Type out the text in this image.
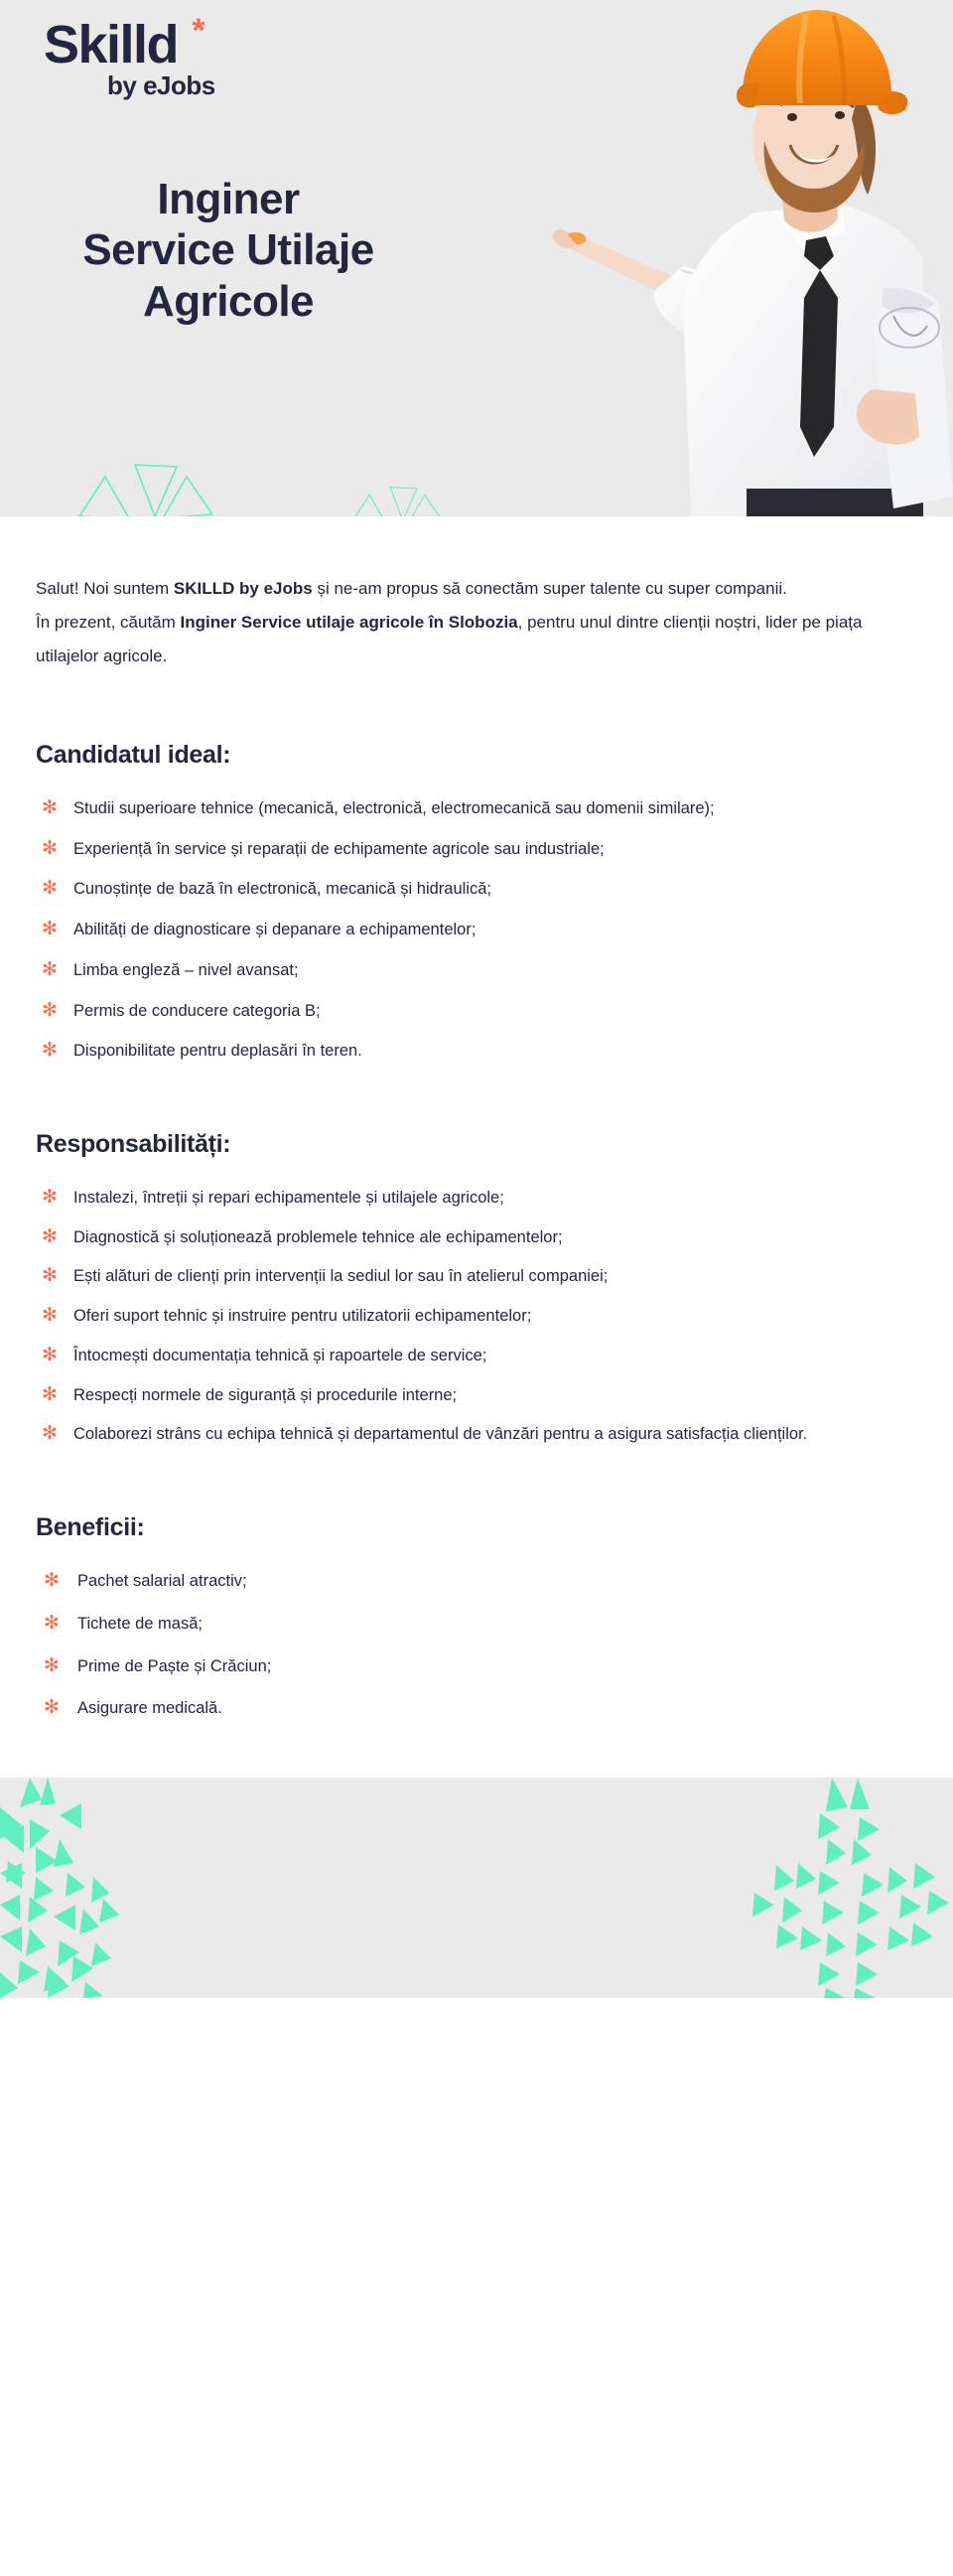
Skilld *
by eJobs
Inginer
Service Utilaje
Agricole

Salut! Noi suntem SKILLD by eJobs și ne-am propus să conectăm super talente cu super companii.

În prezent, căutăm Inginer Service utilaje agricole în Slobozia, pentru unul dintre clienții noștri, lider pe piața utilajelor agricole.

Candidatul ideal:
✻ Studii superioare tehnice (mecanică, electronică, electromecanică sau domenii similare);
✻ Experiență în service și reparații de echipamente agricole sau industriale;
✻ Cunoștințe de bază în electronică, mecanică și hidraulică;
✻ Abilități de diagnosticare și depanare a echipamentelor;
✻ Limba engleză – nivel avansat;
✻ Permis de conducere categoria B;
✻ Disponibilitate pentru deplasări în teren.
Responsabilități:
✻ Instalezi, întreții și repari echipamentele și utilajele agricole;
✻ Diagnostică și soluționează problemele tehnice ale echipamentelor;
✻ Ești alături de clienți prin intervenții la sediul lor sau în atelierul companiei;
✻ Oferi suport tehnic și instruire pentru utilizatorii echipamentelor;
✻ Întocmești documentația tehnică și rapoartele de service;
✻ Respecți normele de siguranță și procedurile interne;
✻ Colaborezi strâns cu echipa tehnică și departamentul de vânzări pentru a asigura satisfacția clienților.
Beneficii:
✻ Pachet salarial atractiv;
✻ Tichete de masă;
✻ Prime de Paște și Crăciun;
✻ Asigurare medicală.
